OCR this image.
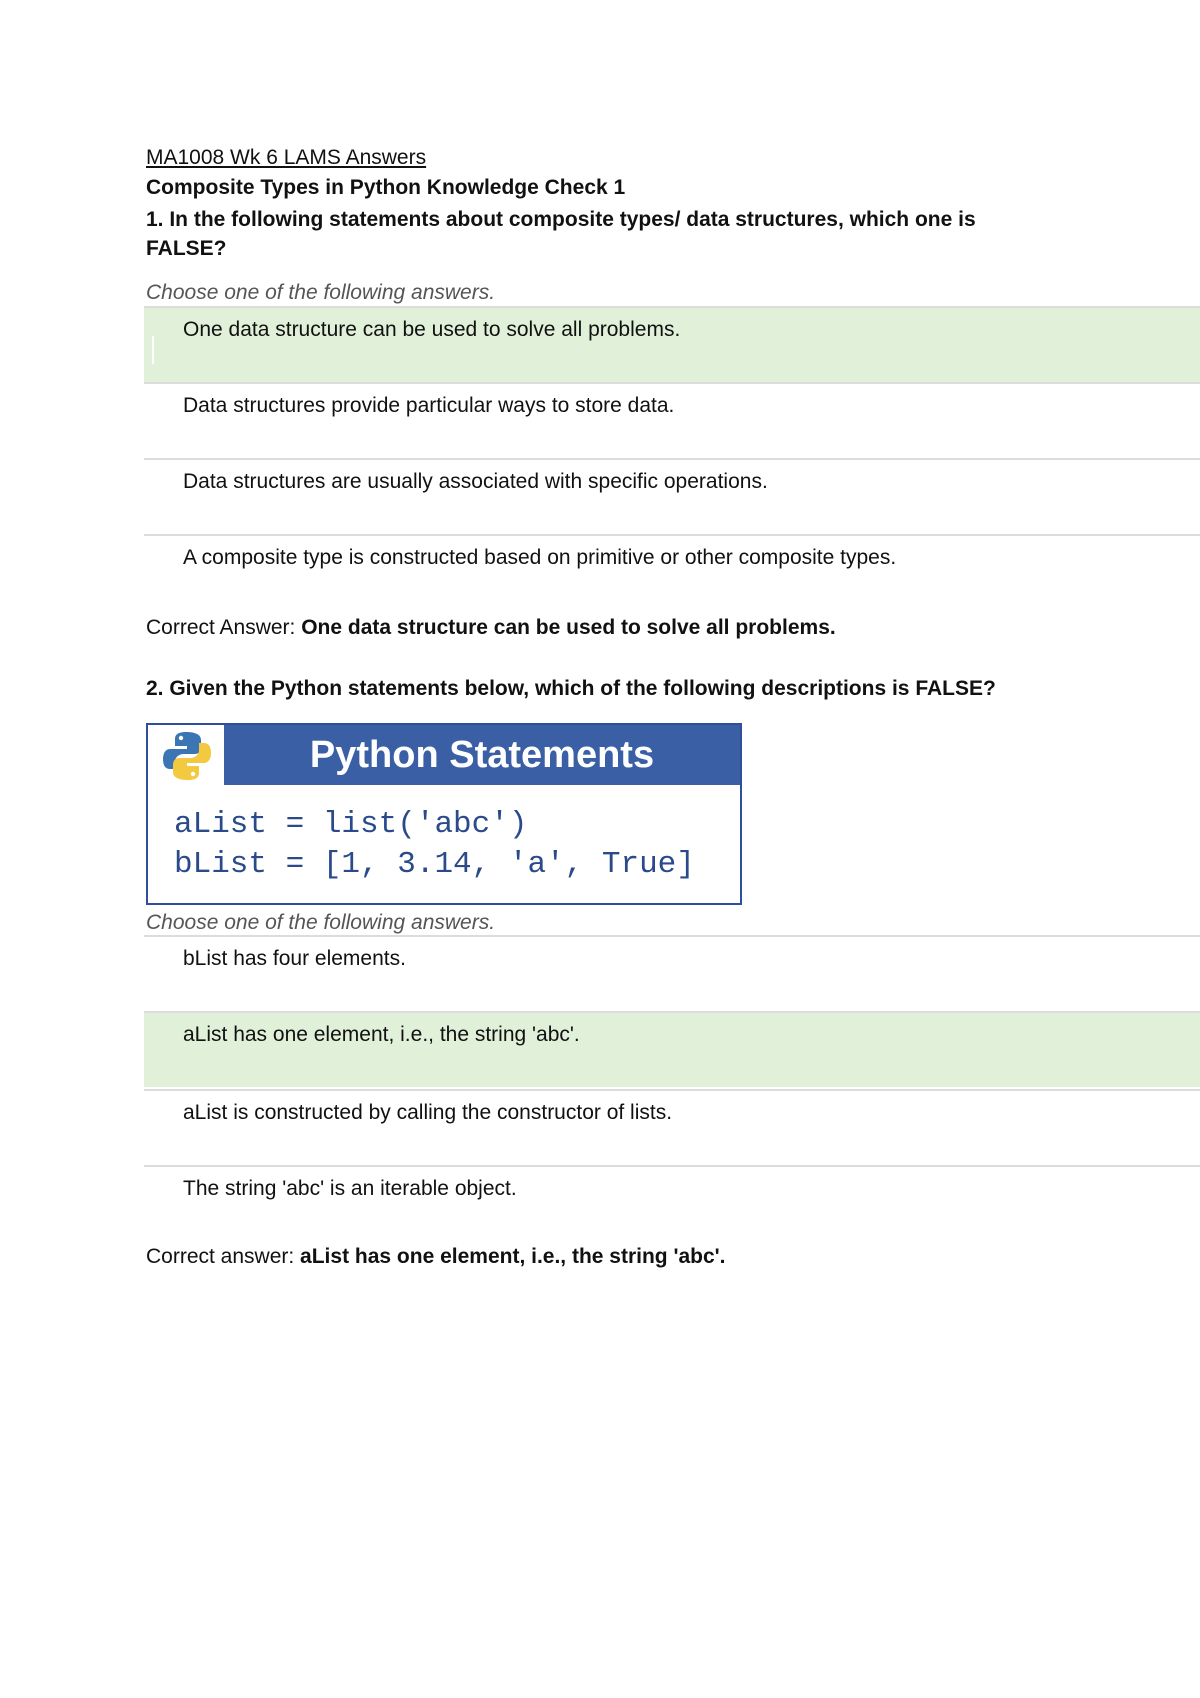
MA1008 Wk 6 LAMS Answers
Composite Types in Python Knowledge Check 1
1. In the following statements about composite types/ data structures, which one is FALSE?
Choose one of the following answers.
One data structure can be used to solve all problems.
Data structures provide particular ways to store data.
Data structures are usually associated with specific operations.
A composite type is constructed based on primitive or other composite types.
Correct Answer: One data structure can be used to solve all problems.
2. Given the Python statements below, which of the following descriptions is FALSE?
Python Statements
aList = list('abc')
bList = [1, 3.14, 'a', True]
Choose one of the following answers.
bList has four elements.
aList has one element, i.e., the string 'abc'.
aList is constructed by calling the constructor of lists.
The string 'abc' is an iterable object.
Correct answer: aList has one element, i.e., the string 'abc'.
